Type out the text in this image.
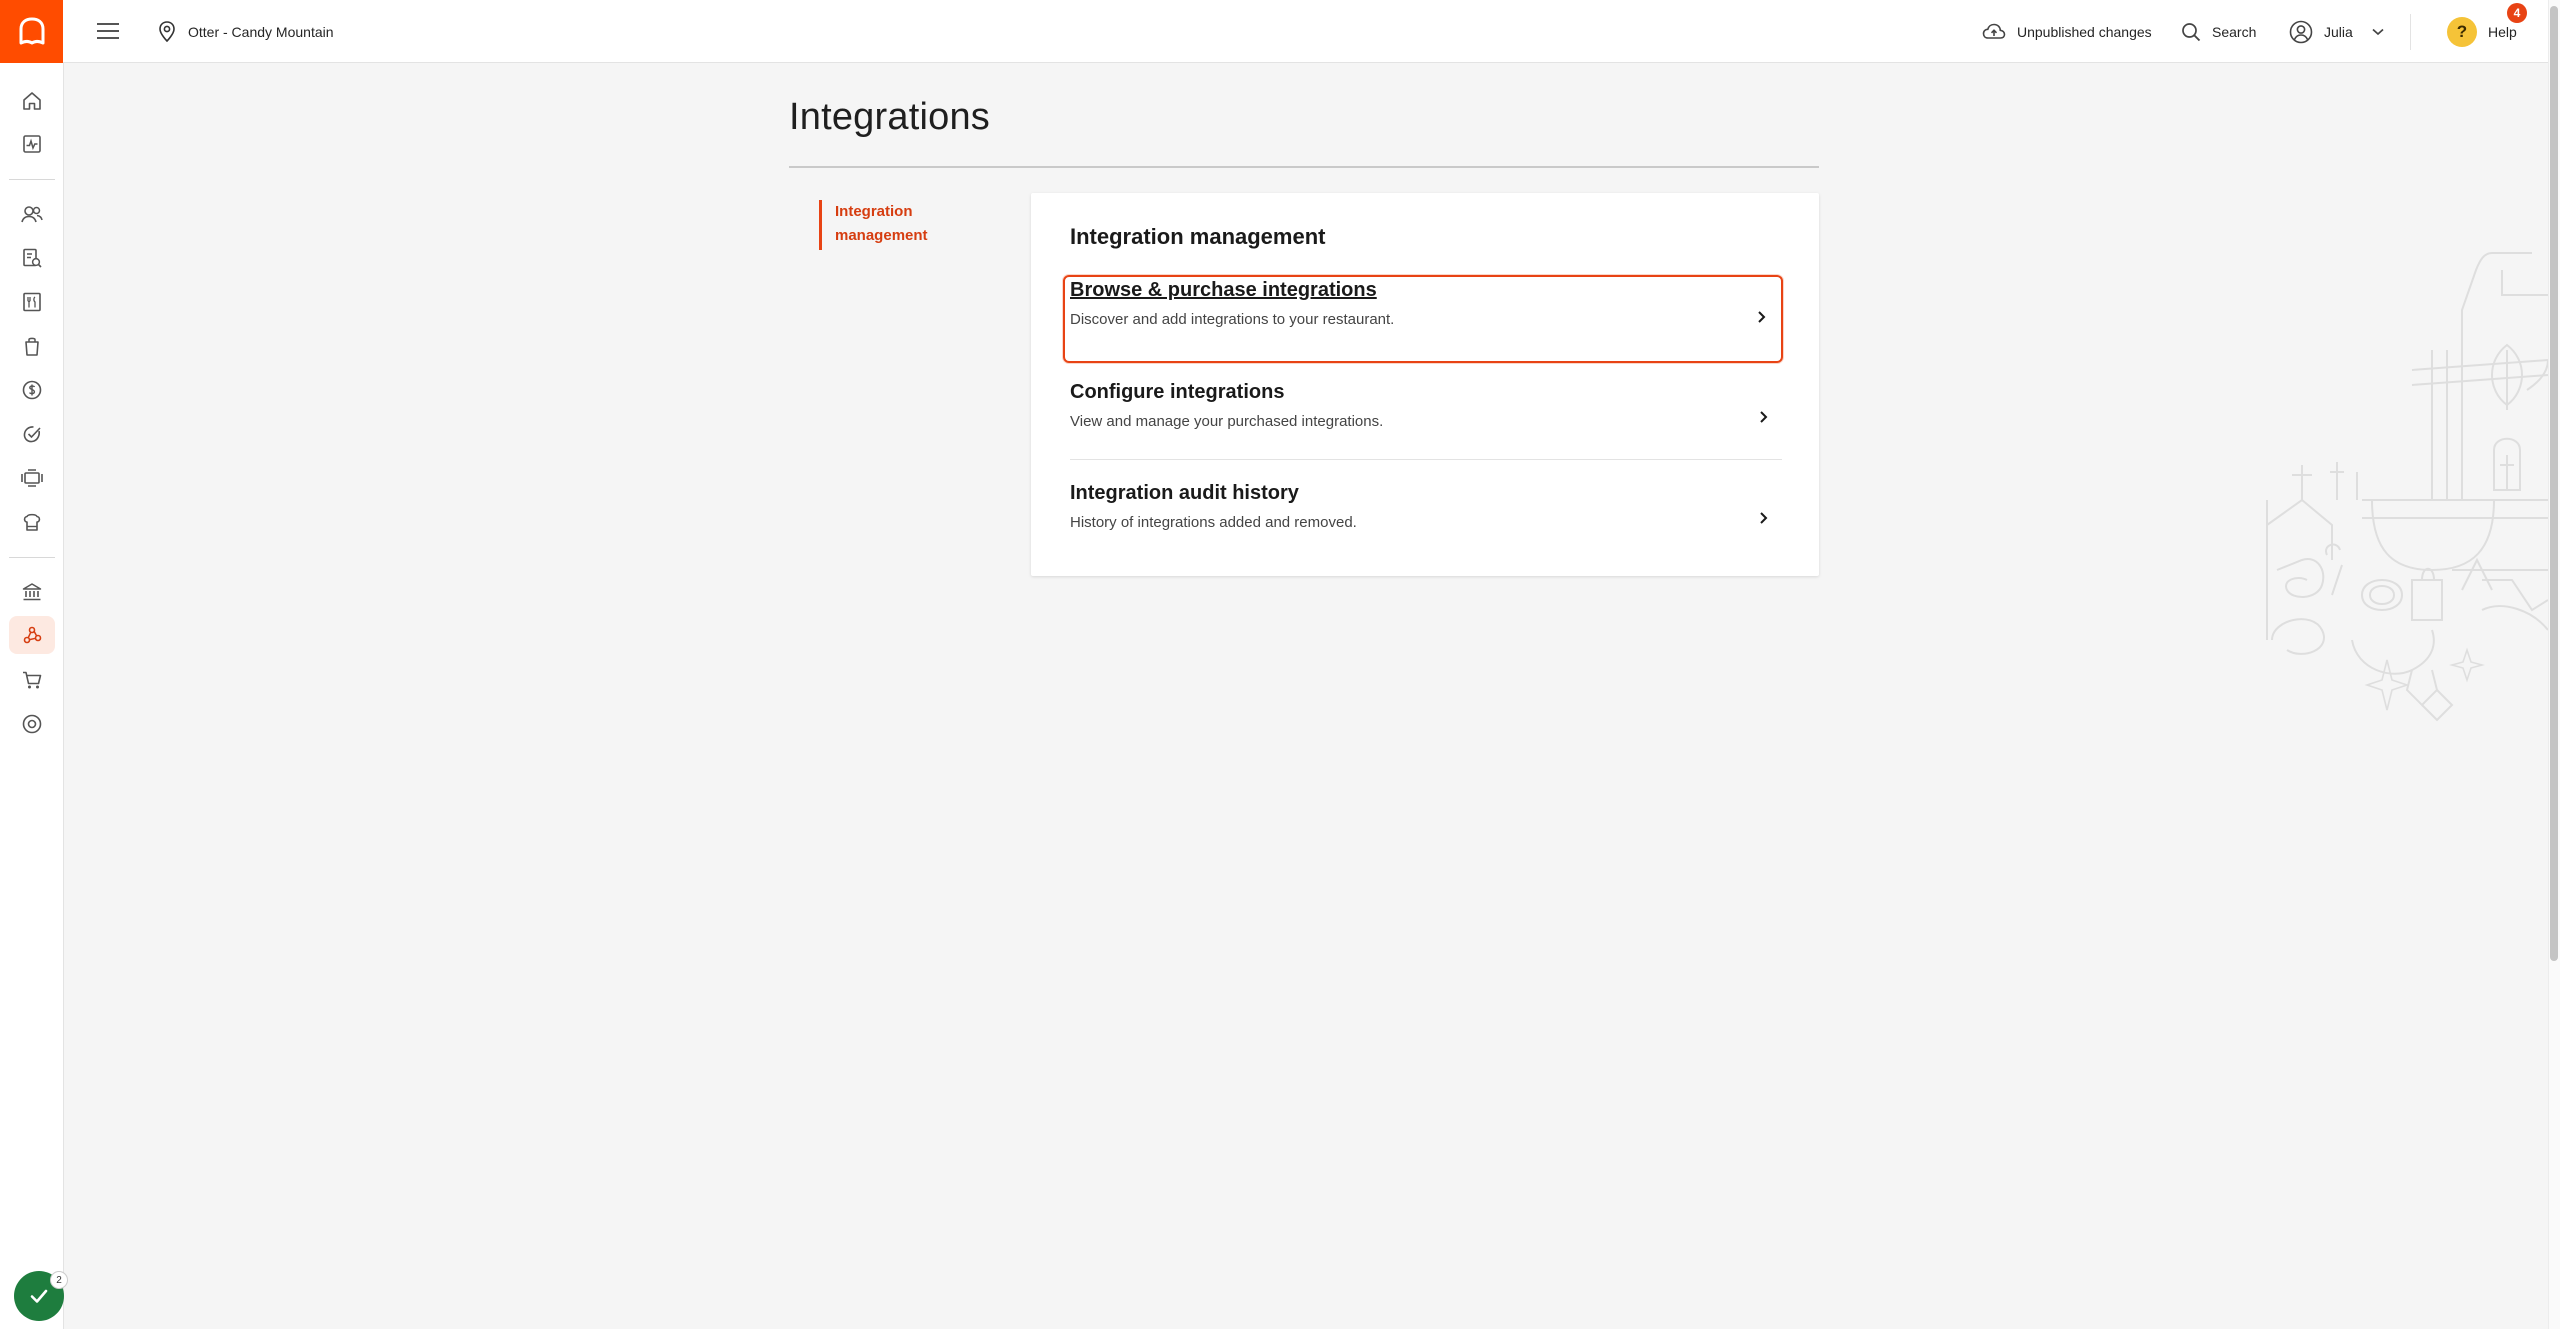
Otter - Candy Mountain	Unpublished changes	Search	Julia	? Help
4
2
Integrations
Integration management	Integration management
Browse & purchase integrations
Discover and add integrations to your restaurant.
Configure integrations
View and manage your purchased integrations.
Integration audit history
History of integrations added and removed.
